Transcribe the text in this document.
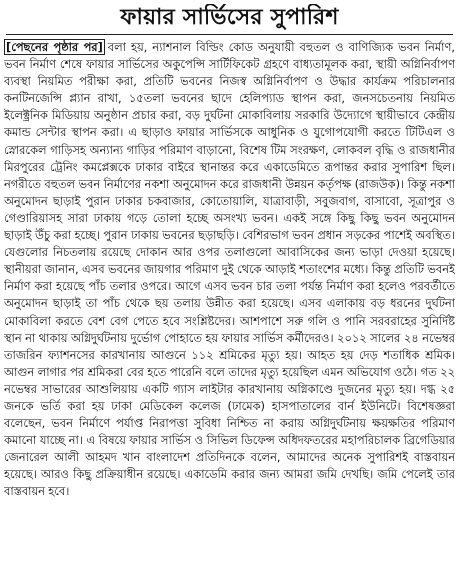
ফায়ার সার্ভিসের সুপারিশ

[পেছনের পৃষ্ঠার পর] বলা হয়, ন্যাশনাল বিল্ডিং কোড অনুযায়ী বহুতল ও বাণিজ্যিক ভবন নির্মাণ, ভবন নির্মাণ শেষে ফায়ার সার্ভিসের অকুপেন্সি সার্টিফিকেট গ্রহণে বাধ্যতামূলক করা, স্থায়ী অগ্নিনির্বাপণ ব্যবস্থা নিয়মিত পরীক্ষা করা, প্রতিটি ভবনের নিজস্ব অগ্নিনির্বাপণ ও উদ্ধার কার্যক্রম পরিচালনার কনটিনজেন্সি প্ল্যান রাখা, ১৫তলা ভবনের ছাদে হেলিপ্যাড স্থাপন করা, জনসচেতনায় নিয়মিত ইলেক্ট্রনিক মিডিয়ায় অনুষ্ঠান প্রচার করা, বড় দুর্ঘটনা মোকাবিলায় সরকারি উদ্যোগে স্থায়ীভাবে কেন্দ্রীয় কমান্ড সেন্টার স্থাপন করা। এ ছাড়াও ফায়ার সার্ভিসকে আধুনিক ও যুগোপযোগী করতে টিটিএল ও স্নোরকেল গাড়িসহ অন্যান্য গাড়ির পরিমাণ বাড়ানো, বিশেষ টিম সংরক্ষণ, লোকবল বৃদ্ধি ও রাজধানীর মিরপুরের ট্রেনিং কমপ্লেক্সকে ঢাকার বাইরে স্থানান্তর করে একাডেমিতে রূপান্তর করার সুপারিশ ছিল। নগরীতে বহুতল ভবন নির্মাণের নকশা অনুমোদন করে রাজধানী উন্নয়ন কর্তৃপক্ষ (রাজউক)। কিন্তু নকশা অনুমোদন ছাড়াই পুরান ঢাকার চকবাজার, কোতোয়ালি, যাত্রাবাড়ী, সবুজবাগ, বাসাবো, সূত্রাপুর ও গেণ্ডারিয়াসহ সারা ঢাকায় গড়ে তোলা হচ্ছে অসংখ্য ভবন। একই সঙ্গে কিছু কিছু ভবন অনুমোদন ছাড়াই উঁচু করা হচ্ছে। পুরান ঢাকায় ভবনের ছড়াছড়ি। বেশিরভাগ ভবন প্রধান সড়কের পাশেই অবস্থিত। যেগুলোর নিচতলায় রয়েছে দোকান আর ওপর তলাগুলো আবাসিকের জন্য ভাড়া দেওয়া হয়েছে। স্থানীয়রা জানান, এসব ভবনের জায়গার পরিমাণ দুই থেকে আড়াই শতাংশের মধ্যে। কিন্তু প্রতিটি ভবনই নির্মাণ করা হয়েছে পাঁচ তলার ওপরে। আগে এসব ভবন চার তলা পর্যন্ত নির্মাণ করা হলেও পরবর্তীতে অনুমোদন ছাড়াই তা পাঁচ থেকে ছয় তলায় উন্নীত করা হয়েছে। এসব এলাকায় বড় ধরনের দুর্ঘটনা মোকাবিলা করতে বেশ বেগ পেতে হবে সংশ্লিষ্টদের। আশপাশে সরু গলি ও পানি সরবরাহের সুনির্দিষ্ট স্থান না থাকায় অগ্নিদুর্ঘটনায় দুর্ভোগ পোহাতে হয় ফায়ার সার্ভিস কর্মীদেরও। ২০১২ সালের ২৪ নভেম্বর তাজরিন ফ্যাশনসের কারখানায় আগুনে ১১২ শ্রমিকের মৃত্যু হয়। আহত হয় দেড় শতাধিক শ্রমিক। আগুন লাগার পর শ্রমিকরা বের হতে পারেনি বলে তাদের মৃত্যু হয়েছিল এমন অভিযোগ ওঠে। গত ২২ নভেম্বর সাভারের আশুলিয়ায় একটি গ্যাস লাইটার কারখানায় অগ্নিকাণ্ডে দুজনের মৃত্যু হয়। দগ্ধ ২৫ জনকে ভর্তি করা হয় ঢাকা মেডিকেল কলেজ (ঢামেক) হাসপাতালের বার্ন ইউনিটে। বিশেষজ্ঞরা বলেছেন, ভবন নির্মাণে পর্যাপ্ত নিরাপত্তা সুবিধা নিশ্চিত না করায় অগ্নিদুর্ঘটনায় ক্ষয়ক্ষতির পরিমাণ কমানো যাচ্ছে না। এ বিষয়ে ফায়ার সার্ভিস ও সিভিল ডিফেন্স অধিদফতরের মহাপরিচালক ব্রিগেডিয়ার জেনারেল আলী আহমদ খান বাংলাদেশ প্রতিদিনকে বলেন, আমাদের অনেক সুপারিশই বাস্তবায়ন হয়েছে। আরও কিছু প্রক্রিয়াধীন রয়েছে। একাডেমি করার জন্য আমরা জমি দেখছি। জমি পেলেই তার বাস্তবায়ন হবে।
